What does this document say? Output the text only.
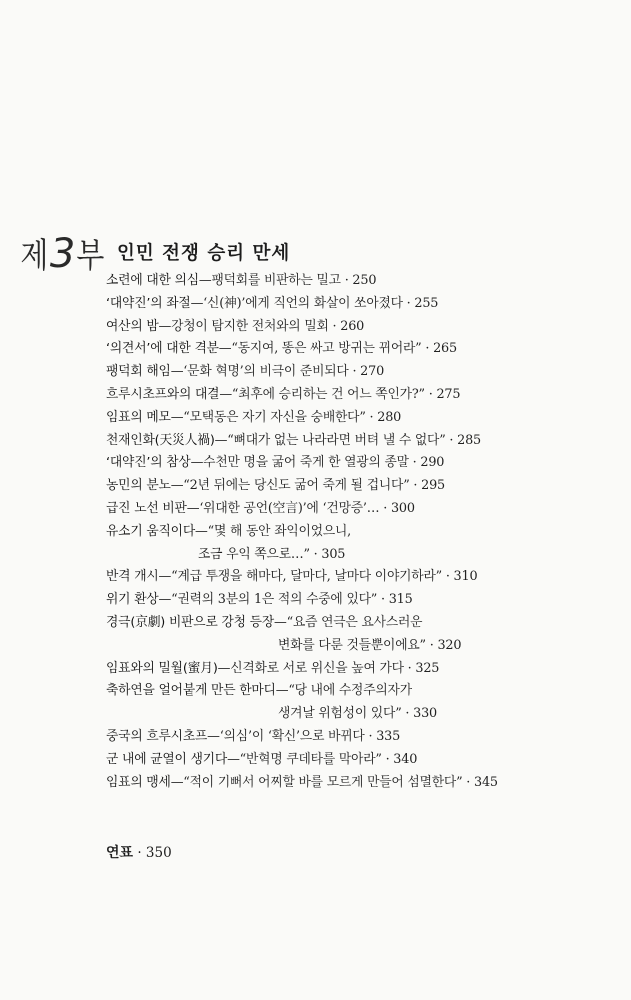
제 3 부 인민 전쟁 승리 만세
소련에 대한 의심—팽덕회를 비판하는 밀고 · 250
‘대약진’의 좌절—‘신(神)’에게 직언의 화살이 쏘아졌다 · 255
여산의 밤—강청이 탐지한 전처와의 밀회 · 260
‘의견서’에 대한 격분—“동지여, 똥은 싸고 방귀는 뀌어라” · 265
팽덕회 해임—‘문화 혁명’의 비극이 준비되다 · 270
흐루시초프와의 대결—“최후에 승리하는 건 어느 쪽인가?” · 275
임표의 메모—“모택동은 자기 자신을 숭배한다” · 280
천재인화(天災人禍)—“뼈대가 없는 나라라면 버텨 낼 수 없다” · 285
‘대약진’의 참상—수천만 명을 굶어 죽게 한 열광의 종말 · 290
농민의 분노—“2년 뒤에는 당신도 굶어 죽게 될 겁니다” · 295
급진 노선 비판—‘위대한 공언(空言)’에 ‘건망증’… · 300
유소기 움직이다—“몇 해 동안 좌익이었으니,
조금 우익 쪽으로…” · 305
반격 개시—“계급 투쟁을 해마다, 달마다, 날마다 이야기하라” · 310
위기 환상—“권력의 3분의 1은 적의 수중에 있다” · 315
경극(京劇) 비판으로 강청 등장—“요즘 연극은 요사스러운
변화를 다룬 것들뿐이에요” · 320
임표와의 밀월(蜜月)—신격화로 서로 위신을 높여 가다 · 325
축하연을 얼어붙게 만든 한마디—“당 내에 수정주의자가
생겨날 위험성이 있다” · 330
중국의 흐루시초프—‘의심’이 ‘확신’으로 바뀌다 · 335
군 내에 균열이 생기다—“반혁명 쿠데타를 막아라” · 340
임표의 맹세—“적이 기뻐서 어찌할 바를 모르게 만들어 섬멸한다” · 345
연표 · 350
